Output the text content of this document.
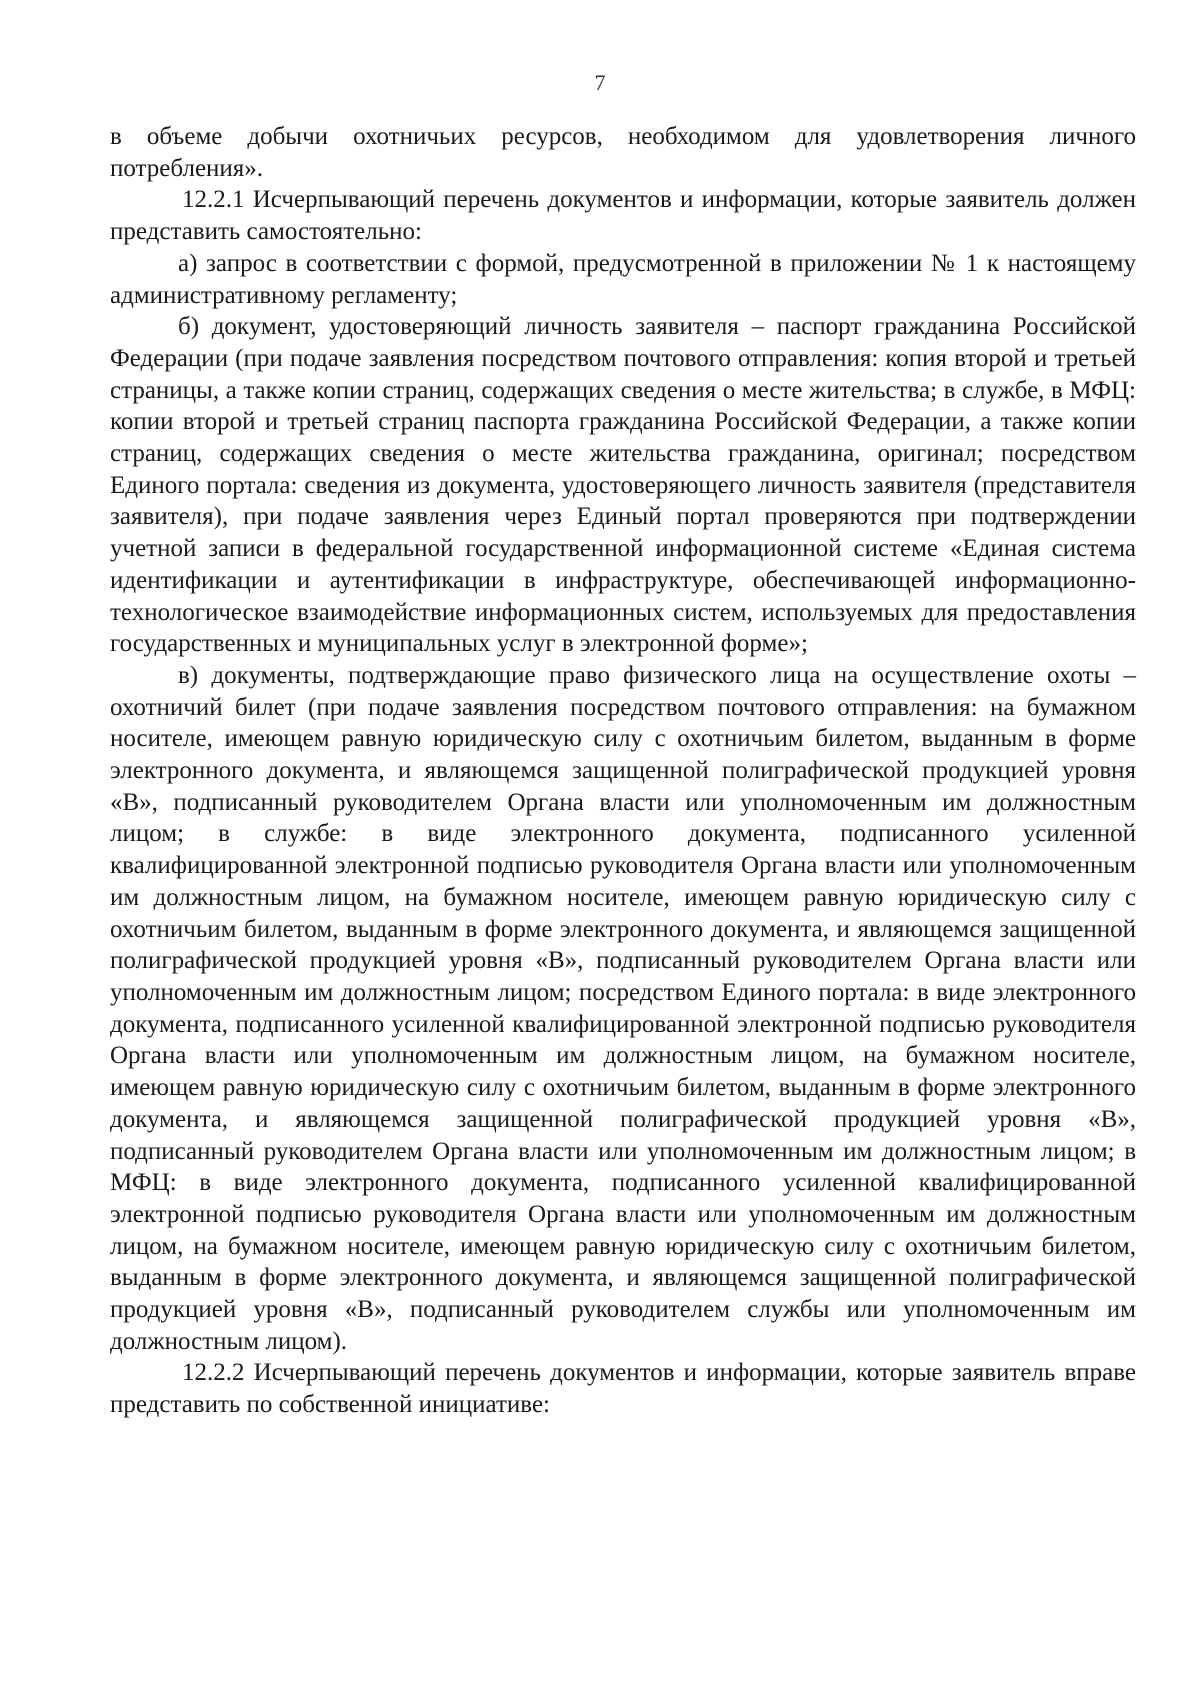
7

в объеме добычи охотничьих ресурсов, необходимом для удовлетворения личного потребления».

12.2.1 Исчерпывающий перечень документов и информации, которые заявитель должен представить самостоятельно:

а) запрос в соответствии с формой, предусмотренной в приложении № 1 к настоящему административному регламенту;

б) документ, удостоверяющий личность заявителя – паспорт гражданина Российской Федерации (при подаче заявления посредством почтового отправления: копия второй и третьей страницы, а также копии страниц, содержащих сведения о месте жительства; в службе, в МФЦ: копии второй и третьей страниц паспорта гражданина Российской Федерации, а также копии страниц, содержащих сведения о месте жительства гражданина, оригинал; посредством Единого портала: сведения из документа, удостоверяющего личность заявителя (представителя заявителя), при подаче заявления через Единый портал проверяются при подтверждении учетной записи в федеральной государственной информационной системе «Единая система идентификации и аутентификации в инфраструктуре, обеспечивающей информационно-технологическое взаимодействие информационных систем, используемых для предоставления государственных и муниципальных услуг в электронной форме»;

в) документы, подтверждающие право физического лица на осуществление охоты – охотничий билет (при подаче заявления посредством почтового отправления: на бумажном носителе, имеющем равную юридическую силу с охотничьим билетом, выданным в форме электронного документа, и являющемся защищенной полиграфической продукцией уровня «В», подписанный руководителем Органа власти или уполномоченным им должностным лицом; в службе: в виде электронного документа, подписанного усиленной квалифицированной электронной подписью руководителя Органа власти или уполномоченным им должностным лицом, на бумажном носителе, имеющем равную юридическую силу с охотничьим билетом, выданным в форме электронного документа, и являющемся защищенной полиграфической продукцией уровня «В», подписанный руководителем Органа власти или уполномоченным им должностным лицом; посредством Единого портала: в виде электронного документа, подписанного усиленной квалифицированной электронной подписью руководителя Органа власти или уполномоченным им должностным лицом, на бумажном носителе, имеющем равную юридическую силу с охотничьим билетом, выданным в форме электронного документа, и являющемся защищенной полиграфической продукцией уровня «В», подписанный руководителем Органа власти или уполномоченным им должностным лицом; в МФЦ: в виде электронного документа, подписанного усиленной квалифицированной электронной подписью руководителя Органа власти или уполномоченным им должностным лицом, на бумажном носителе, имеющем равную юридическую силу с охотничьим билетом, выданным в форме электронного документа, и являющемся защищенной полиграфической продукцией уровня «В», подписанный руководителем службы или уполномоченным им должностным лицом).

12.2.2 Исчерпывающий перечень документов и информации, которые заявитель вправе представить по собственной инициативе:
